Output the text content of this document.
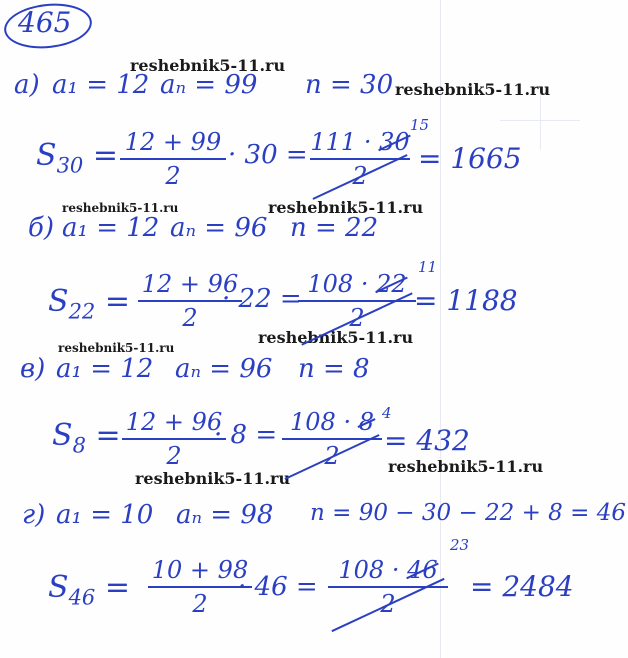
465
reshebnik5-11.ru
reshebnik5-11.ru
reshebnik5-11.ru	reshebnik5-11.ru
reshebnik5-11.ru
reshebnik5-11.ru
reshebnik5-11.ru
reshebnik5-11.ru
а) a₁ = 12 aₙ = 99 n = 30
$S_{30} = 12 + 99$
2
· 30 = 111 · 30
2
15
= 1665
б) a₁ = 12 aₙ = 96 n = 22
$S_{22} = 12 + 96$
2
· 22 = 108 · 22
2
11
= 1188
в) a₁ = 12 aₙ = 96 n = 8
$S_8 = 12 + 96$
2
· 8 = 108 · 8
2
4
= 432
г) a₁ = 10 aₙ = 98 n = 90 − 30 − 22 + 8 = 46
$S_{46} = 10 + 98$
2
· 46 =
108 · 46
2
23
= 2484
